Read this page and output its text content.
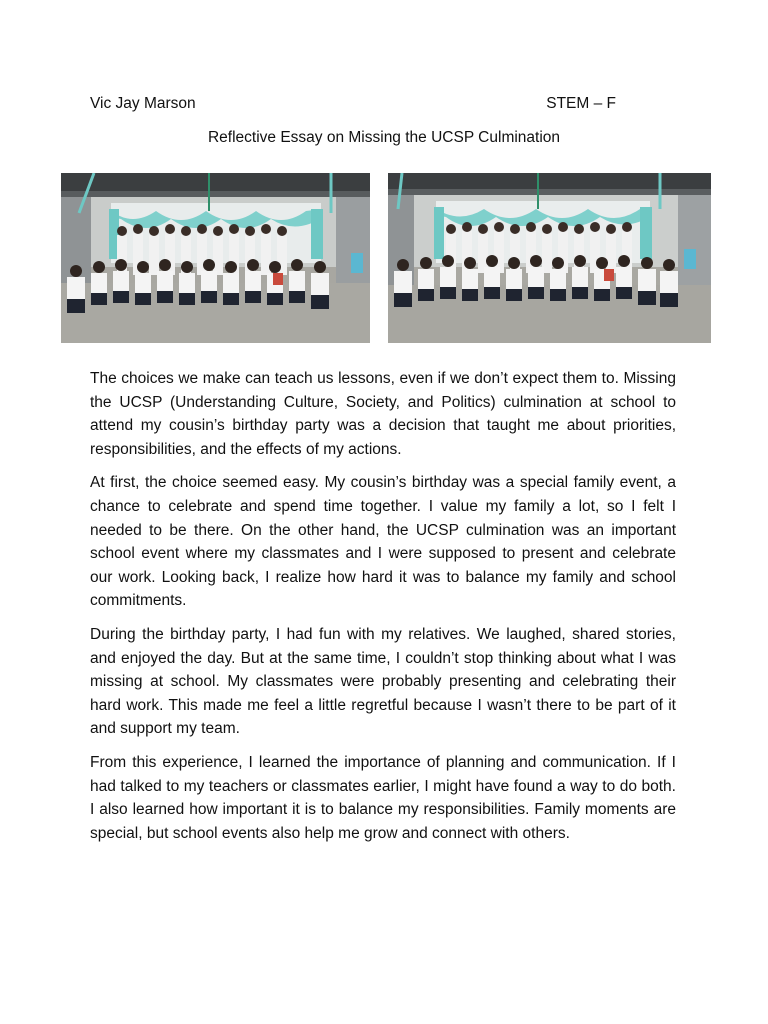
Vic Jay Marson	STEM – F
Reflective Essay on Missing the UCSP Culmination

The choices we make can teach us lessons, even if we don’t expect them to. Missing the UCSP (Understanding Culture, Society, and Politics) culmination at school to attend my cousin’s birthday party was a decision that taught me about priorities, responsibilities, and the effects of my actions.

At first, the choice seemed easy. My cousin’s birthday was a special family event, a chance to celebrate and spend time together. I value my family a lot, so I felt I needed to be there. On the other hand, the UCSP culmination was an important school event where my classmates and I were supposed to present and celebrate our work. Looking back, I realize how hard it was to balance my family and school commitments.

During the birthday party, I had fun with my relatives. We laughed, shared stories, and enjoyed the day. But at the same time, I couldn’t stop thinking about what I was missing at school. My classmates were probably presenting and celebrating their hard work. This made me feel a little regretful because I wasn’t there to be part of it and support my team.

From this experience, I learned the importance of planning and communication. If I had talked to my teachers or classmates earlier, I might have found a way to do both. I also learned how important it is to balance my responsibilities. Family moments are special, but school events also help me grow and connect with others.
